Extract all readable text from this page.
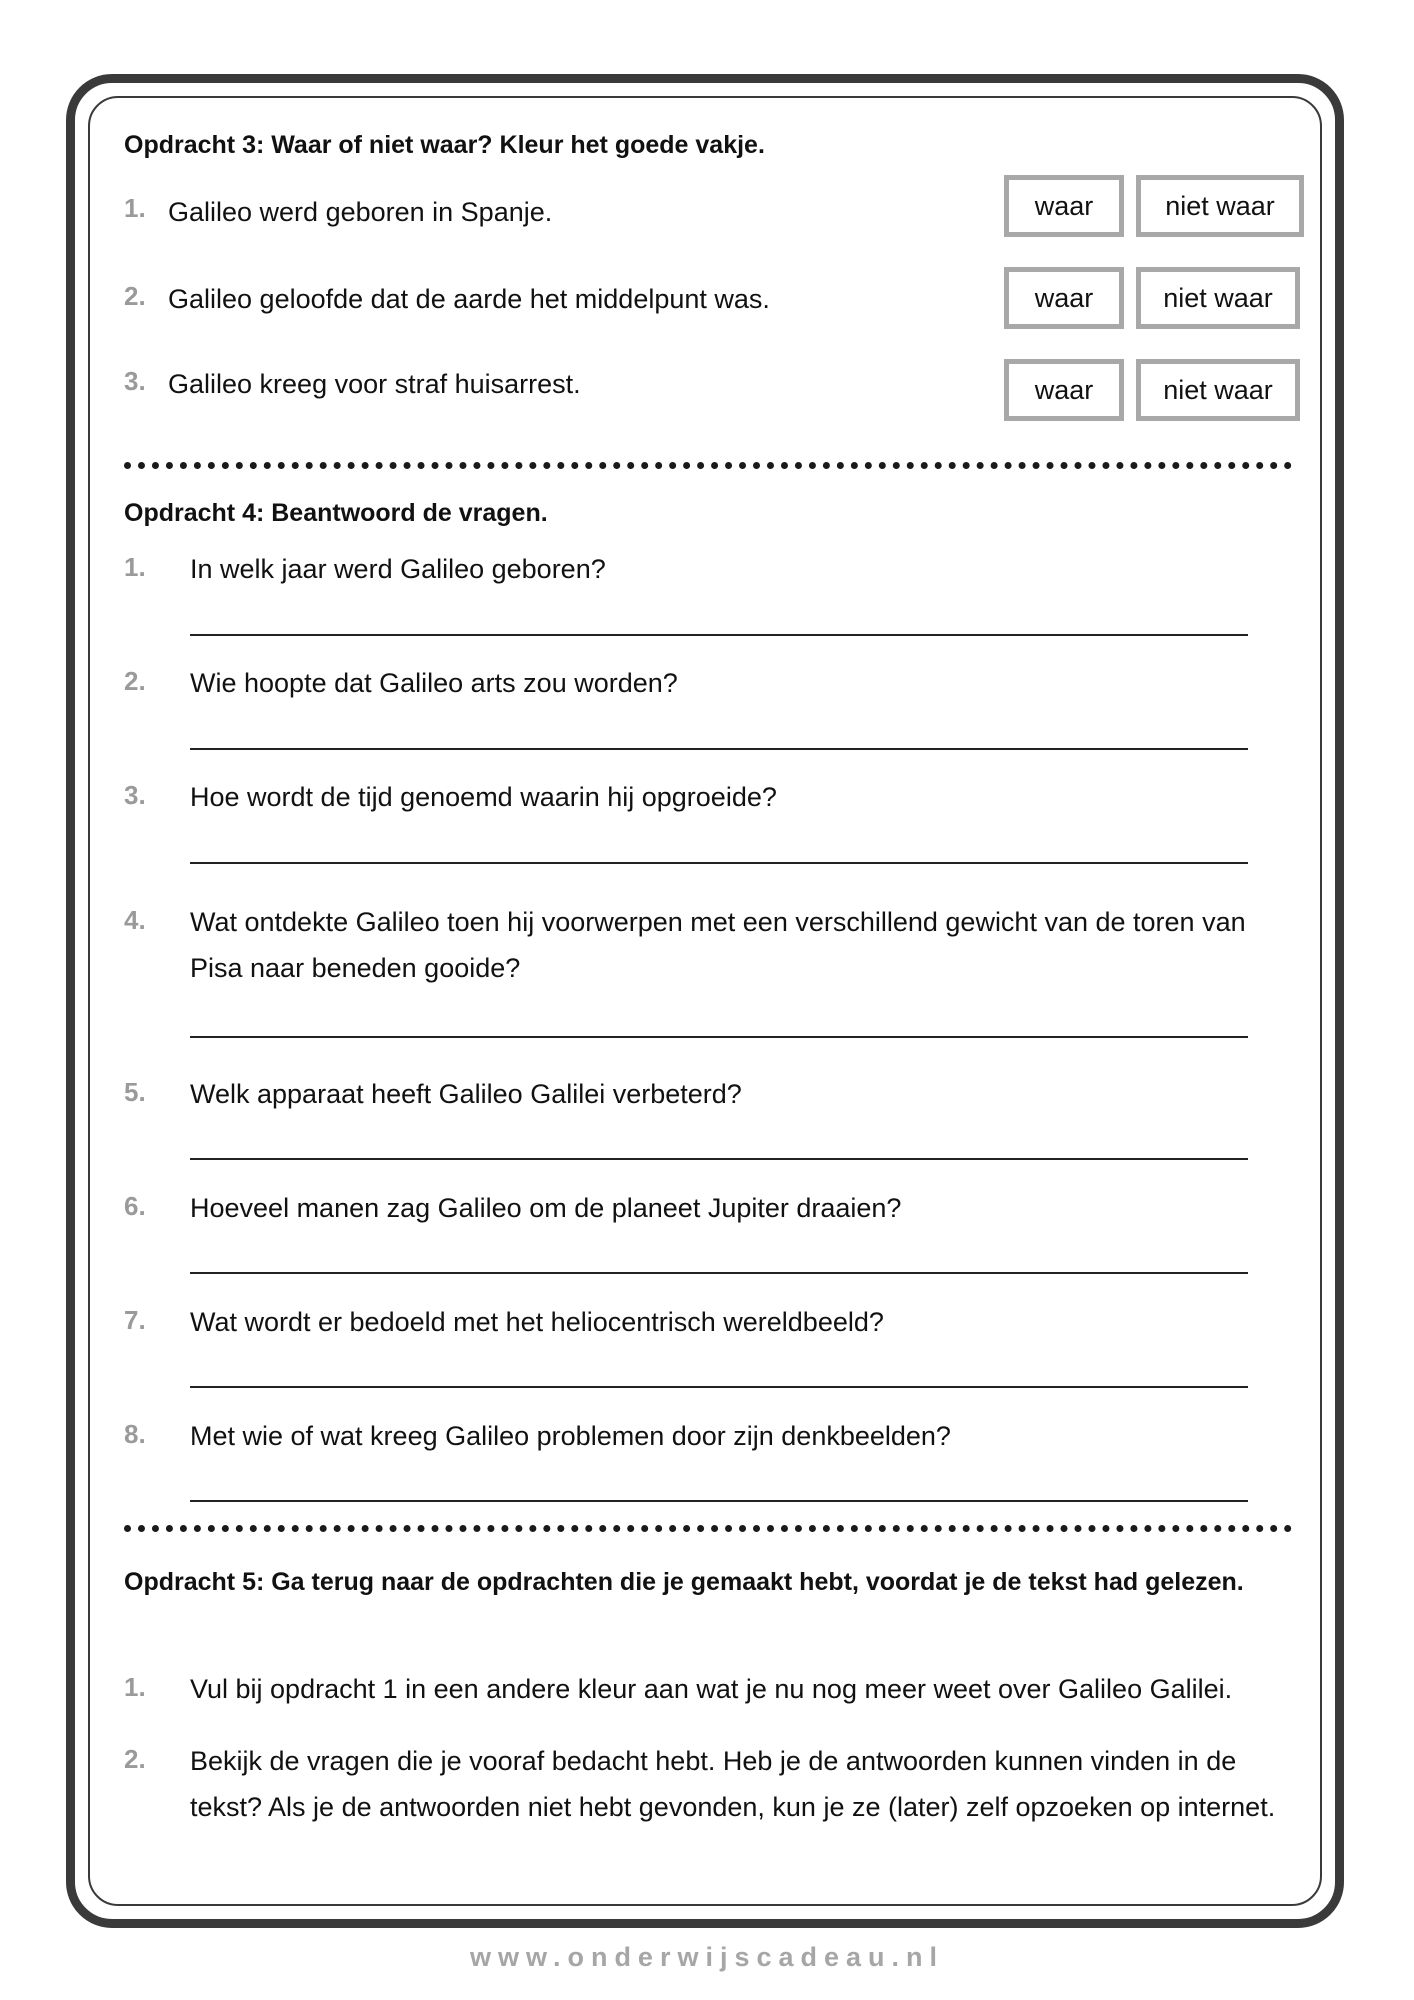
Opdracht 3: Waar of niet waar? Kleur het goede vakje.
1. Galileo werd geboren in Spanje.	waar	niet waar
2. Galileo geloofde dat de aarde het middelpunt was.	waar	niet waar
3. Galileo kreeg voor straf huisarrest.	waar	niet waar
Opdracht 4: Beantwoord de vragen.
1. In welk jaar werd Galileo geboren?
2. Wie hoopte dat Galileo arts zou worden?
3. Hoe wordt de tijd genoemd waarin hij opgroeide?
4. Wat ontdekte Galileo toen hij voorwerpen met een verschillend gewicht van de toren van Pisa naar beneden gooide?
5. Welk apparaat heeft Galileo Galilei verbeterd?
6. Hoeveel manen zag Galileo om de planeet Jupiter draaien?
7. Wat wordt er bedoeld met het heliocentrisch wereldbeeld?
8. Met wie of wat kreeg Galileo problemen door zijn denkbeelden?
Opdracht 5: Ga terug naar de opdrachten die je gemaakt hebt, voordat je de tekst had gelezen.
1. Vul bij opdracht 1 in een andere kleur aan wat je nu nog meer weet over Galileo Galilei.
2. Bekijk de vragen die je vooraf bedacht hebt. Heb je de antwoorden kunnen vinden in de tekst? Als je de antwoorden niet hebt gevonden, kun je ze (later) zelf opzoeken op internet.
www.onderwijscadeau.nl
